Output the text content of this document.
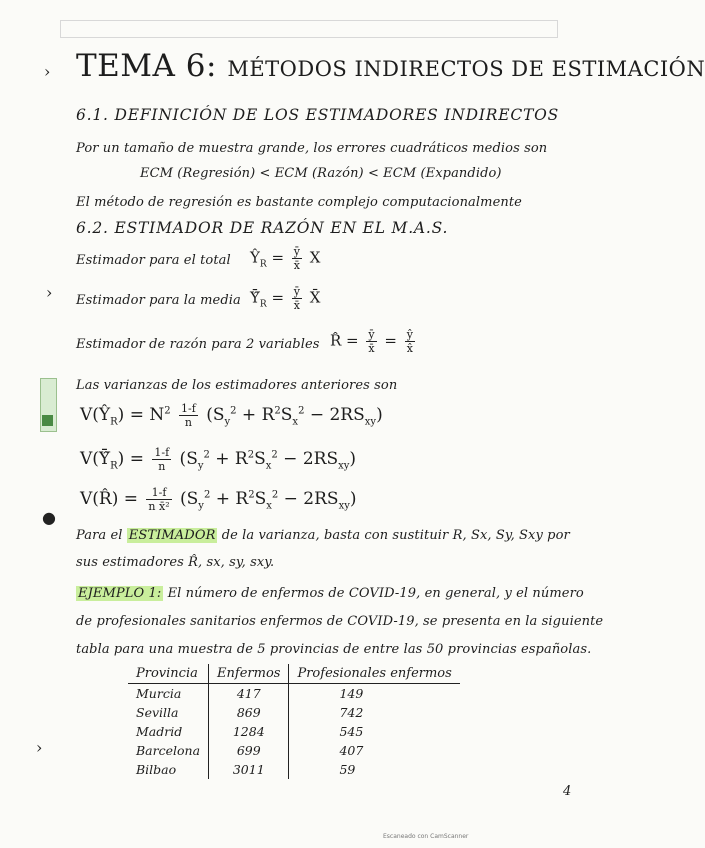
› TEMA 6: MÉTODOS INDIRECTOS DE ESTIMACIÓN
6.1. DEFINICIÓN DE LOS ESTIMADORES INDIRECTOS
Por un tamaño de muestra grande, los errores cuadráticos medios son
ECM (Regresión) < ECM (Razón) < ECM (Expandido)
El método de regresión es bastante complejo computacionalmente
6.2. ESTIMADOR DE RAZÓN EN EL M.A.S.
Estimador para el total $Ŷ_R = \frac{ȳ}{x̄}$ X
› Estimador para la media $Ȳ̂_R = \frac{ȳ}{x̄}$ X̄
Estimador de razón para 2 variables R̂ = $\frac{ȳ}{x̄} = \frac{ŷ}{x̂}$
Las varianzas de los estimadores anteriores son
$V(Ŷ_R) = N^2 \frac{1-f}{n} (S_y^2 + R^2S_x^2 - 2RS_{xy})$
$V(Ȳ̂_R) = \frac{1-f}{n} (S_y^2 + R^2S_x^2 - 2RS_{xy})$
V(R̂) = $\frac{1-f}{\text{n x̄²}} (S_y^2 + R^2S_x^2 - 2RS_{xy})$
●
Para el ESTIMADOR de la varianza, basta con sustituir R, Sx, Sy, Sxy por
sus estimadores R̂, sx, sy, sxy.
EJEMPLO 1: El número de enfermos de COVID-19, en general, y el número
de profesionales sanitarios enfermos de COVID-19, se presenta en la siguiente
tabla para una muestra de 5 provincias de entre las 50 provincias españolas.
Provincia	Enfermos	Profesionales enfermos
Murcia	417	149
Sevilla	869	742
Madrid	1284	545
Barcelona	699	407
Bilbao	3011	59
›
4
Escaneado con CamScanner
